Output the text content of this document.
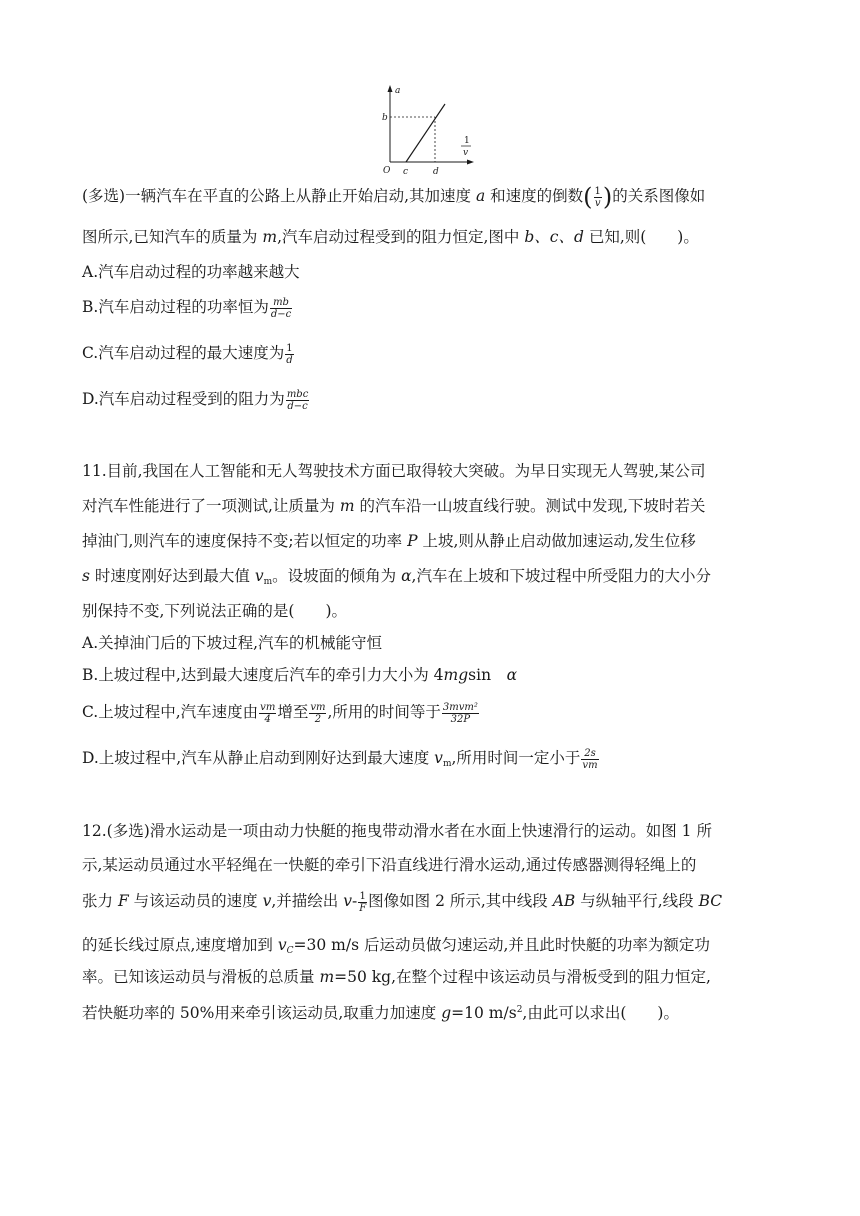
a
b
O c	d
1
v
(多选)一辆汽车在平直的公路上从静止开始启动,其加速度 a 和速度的倒数( $\frac{1}{v}$ )的关系图像如
图所示,已知汽车的质量为 m,汽车启动过程受到的阻力恒定,图中 b、c、d 已知,则(　　)。
A.汽车启动过程的功率越来越大
B.汽车启动过程的功率恒为 $\frac{mb}{d-c}$
C.汽车启动过程的最大速度为 $\frac{1}{d}$
D.汽车启动过程受到的阻力为 $\frac{\text{mbc}}{d-c}$
11.目前,我国在人工智能和无人驾驶技术方面已取得较大突破。为早日实现无人驾驶,某公司
对汽车性能进行了一项测试,让质量为 m 的汽车沿一山坡直线行驶。测试中发现,下坡时若关
掉油门,则汽车的速度保持不变;若以恒定的功率 P 上坡,则从静止启动做加速运动,发生位移
s 时速度刚好达到最大值 $v_m$。设坡面的倾角为 α,汽车在上坡和下坡过程中所受阻力的大小分
别保持不变,下列说法正确的是(　　)。
A.关掉油门后的下坡过程,汽车的机械能守恒
B.上坡过程中,达到最大速度后汽车的牵引力大小为 4mgsin　α
C.上坡过程中,汽车速度由 $\frac{vm}{4}$ 增至 $\frac{vm}{2}$ ,所用的时间等于 $\frac{\text{3mvm²}}{32P}$
D.上坡过程中,汽车从静止启动到刚好达到最大速度 $v_m$,所用时间一定小于 $\frac{2s}{vm}$
12.(多选)滑水运动是一项由动力快艇的拖曳带动滑水者在水面上快速滑行的运动。如图 1 所
示,某运动员通过水平轻绳在一快艇的牵引下沿直线进行滑水运动,通过传感器测得轻绳上的
张力 F 与该运动员的速度 v,并描绘出 $v- \frac{1}{F}$ 图像如图 2 所示,其中线段 AB 与纵轴平行,线段 BC
的延长线过原点,速度增加到 $v_C=30$ m/s 后运动员做匀速运动,并且此时快艇的功率为额定功
率。已知该运动员与滑板的总质量 m=50 kg,在整个过程中该运动员与滑板受到的阻力恒定,
若快艇功率的 50%用来牵引该运动员,取重力加速度 g=10 $m/s^2$,由此可以求出(　　)。
